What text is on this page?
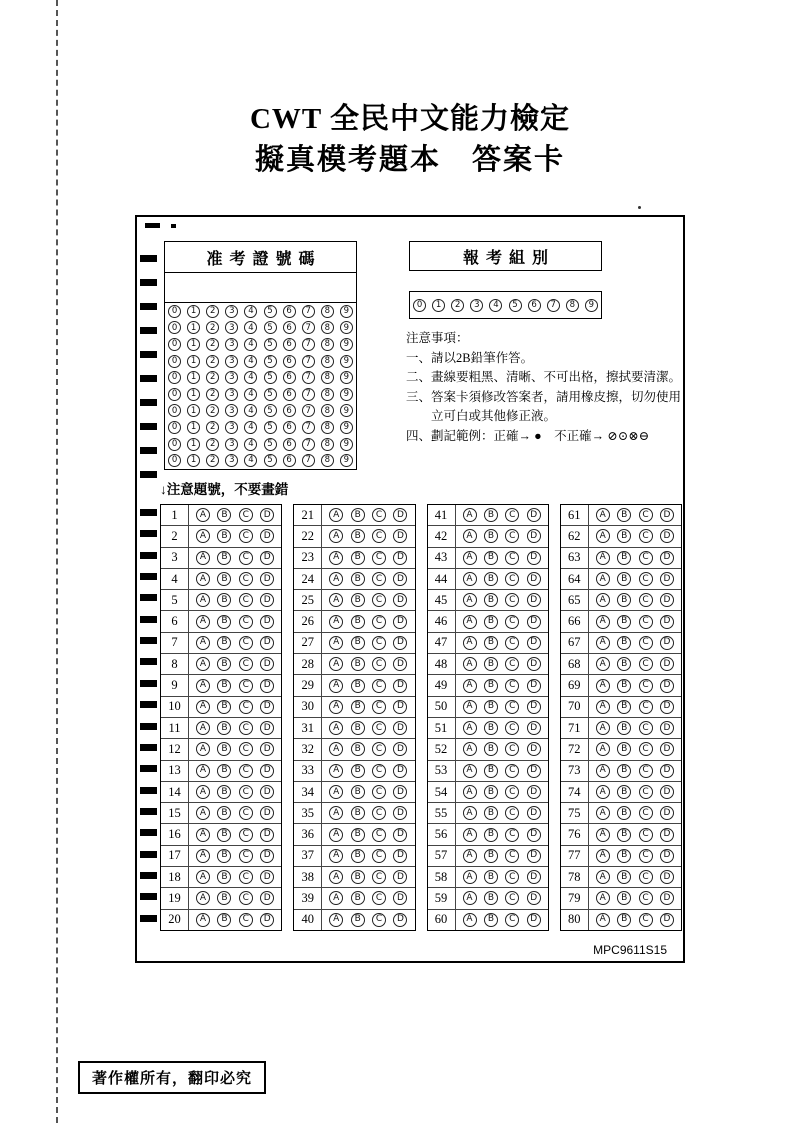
CWT 全民中文能力檢定
擬真模考題本　答案卡
准考證號碼
0	1	2	3	4	5	6	7	8	9
0	1	2	3	4	5	6	7	8	9
0	1	2	3	4	5	6	7	8	9
0	1	2	3	4	5	6	7	8	9
0	1	2	3	4	5	6	7	8	9
0	1	2	3	4	5	6	7	8	9
0	1	2	3	4	5	6	7	8	9
0	1	2	3	4	5	6	7	8	9
0	1	2	3	4	5	6	7	8	9
0	1	2	3	4	5	6	7	8	9
報考組別
0	1	2	3	4	5	6	7	8	9
注意事項：
一、請以2B鉛筆作答。
二、畫線要粗黑、清晰、不可出格，擦拭要清潔。
三、答案卡須修改答案者，請用橡皮擦，切勿使用
　　立可白或其他修正液。
四、劃記範例：正確→ ●　不正確→ ⊘⊙⊗⊖
↓注意題號，不要畫錯
1	A	B	C	D
2	A	B	C	D
3	A	B	C	D
4	A	B	C	D
5	A	B	C	D
6	A	B	C	D
7	A	B	C	D
8	A	B	C	D
9	A	B	C	D
10	A	B	C	D
11	A	B	C	D
12	A	B	C	D
13	A	B	C	D
14	A	B	C	D
15	A	B	C	D
16	A	B	C	D
17	A	B	C	D
18	A	B	C	D
19	A	B	C	D
20	A	B	C	D
21	A	B	C	D
22	A	B	C	D
23	A	B	C	D
24	A	B	C	D
25	A	B	C	D
26	A	B	C	D
27	A	B	C	D
28	A	B	C	D
29	A	B	C	D
30	A	B	C	D
31	A	B	C	D
32	A	B	C	D
33	A	B	C	D
34	A	B	C	D
35	A	B	C	D
36	A	B	C	D
37	A	B	C	D
38	A	B	C	D
39	A	B	C	D
40	A	B	C	D
41	A	B	C	D
42	A	B	C	D
43	A	B	C	D
44	A	B	C	D
45	A	B	C	D
46	A	B	C	D
47	A	B	C	D
48	A	B	C	D
49	A	B	C	D
50	A	B	C	D
51	A	B	C	D
52	A	B	C	D
53	A	B	C	D
54	A	B	C	D
55	A	B	C	D
56	A	B	C	D
57	A	B	C	D
58	A	B	C	D
59	A	B	C	D
60	A	B	C	D
61	A	B	C	D
62	A	B	C	D
63	A	B	C	D
64	A	B	C	D
65	A	B	C	D
66	A	B	C	D
67	A	B	C	D
68	A	B	C	D
69	A	B	C	D
70	A	B	C	D
71	A	B	C	D
72	A	B	C	D
73	A	B	C	D
74	A	B	C	D
75	A	B	C	D
76	A	B	C	D
77	A	B	C	D
78	A	B	C	D
79	A	B	C	D
80	A	B	C	D
MPC9611S15
著作權所有，翻印必究
